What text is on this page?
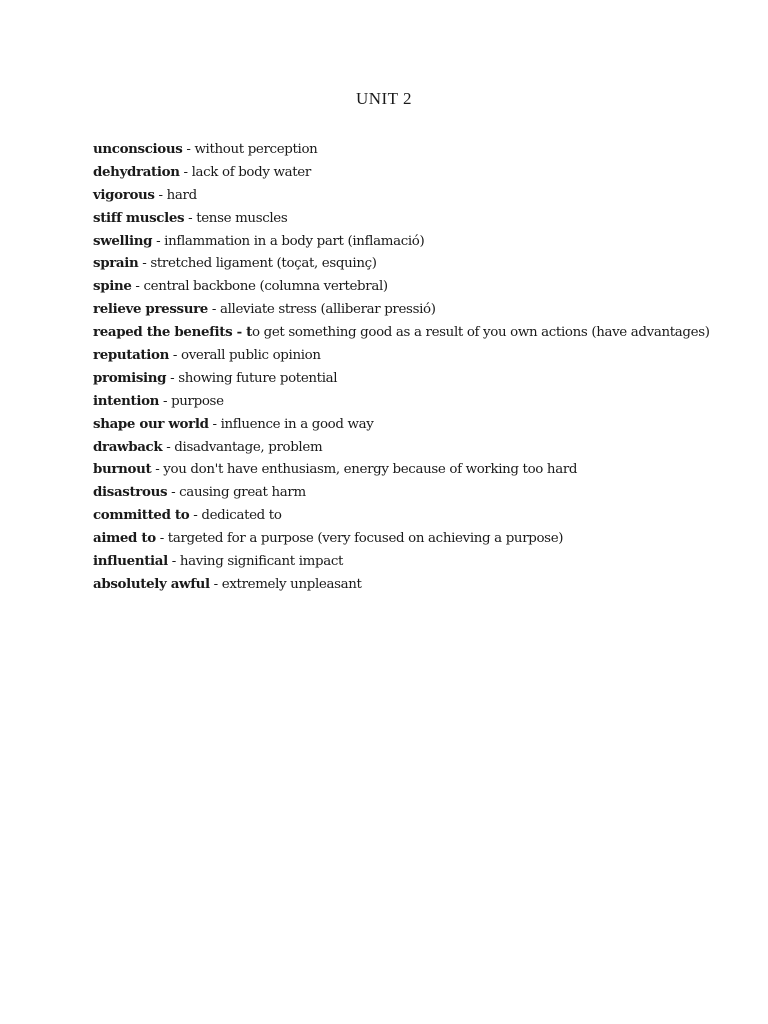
UNIT 2
unconscious - without perception
dehydration - lack of body water
vigorous - hard
stiff muscles - tense muscles
swelling - inflammation in a body part (inflamació)
sprain - stretched ligament (toçat, esquinç)
spine - central backbone (columna vertebral)
relieve pressure - alleviate stress (alliberar pressió)
reaped the benefits - to get something good as a result of you own actions (have advantages)
reputation - overall public opinion
promising - showing future potential
intention - purpose
shape our world - influence in a good way
drawback - disadvantage, problem
burnout - you don't have enthusiasm, energy because of working too hard
disastrous - causing great harm
committed to - dedicated to
aimed to - targeted for a purpose (very focused on achieving a purpose)
influential - having significant impact
absolutely awful - extremely unpleasant
